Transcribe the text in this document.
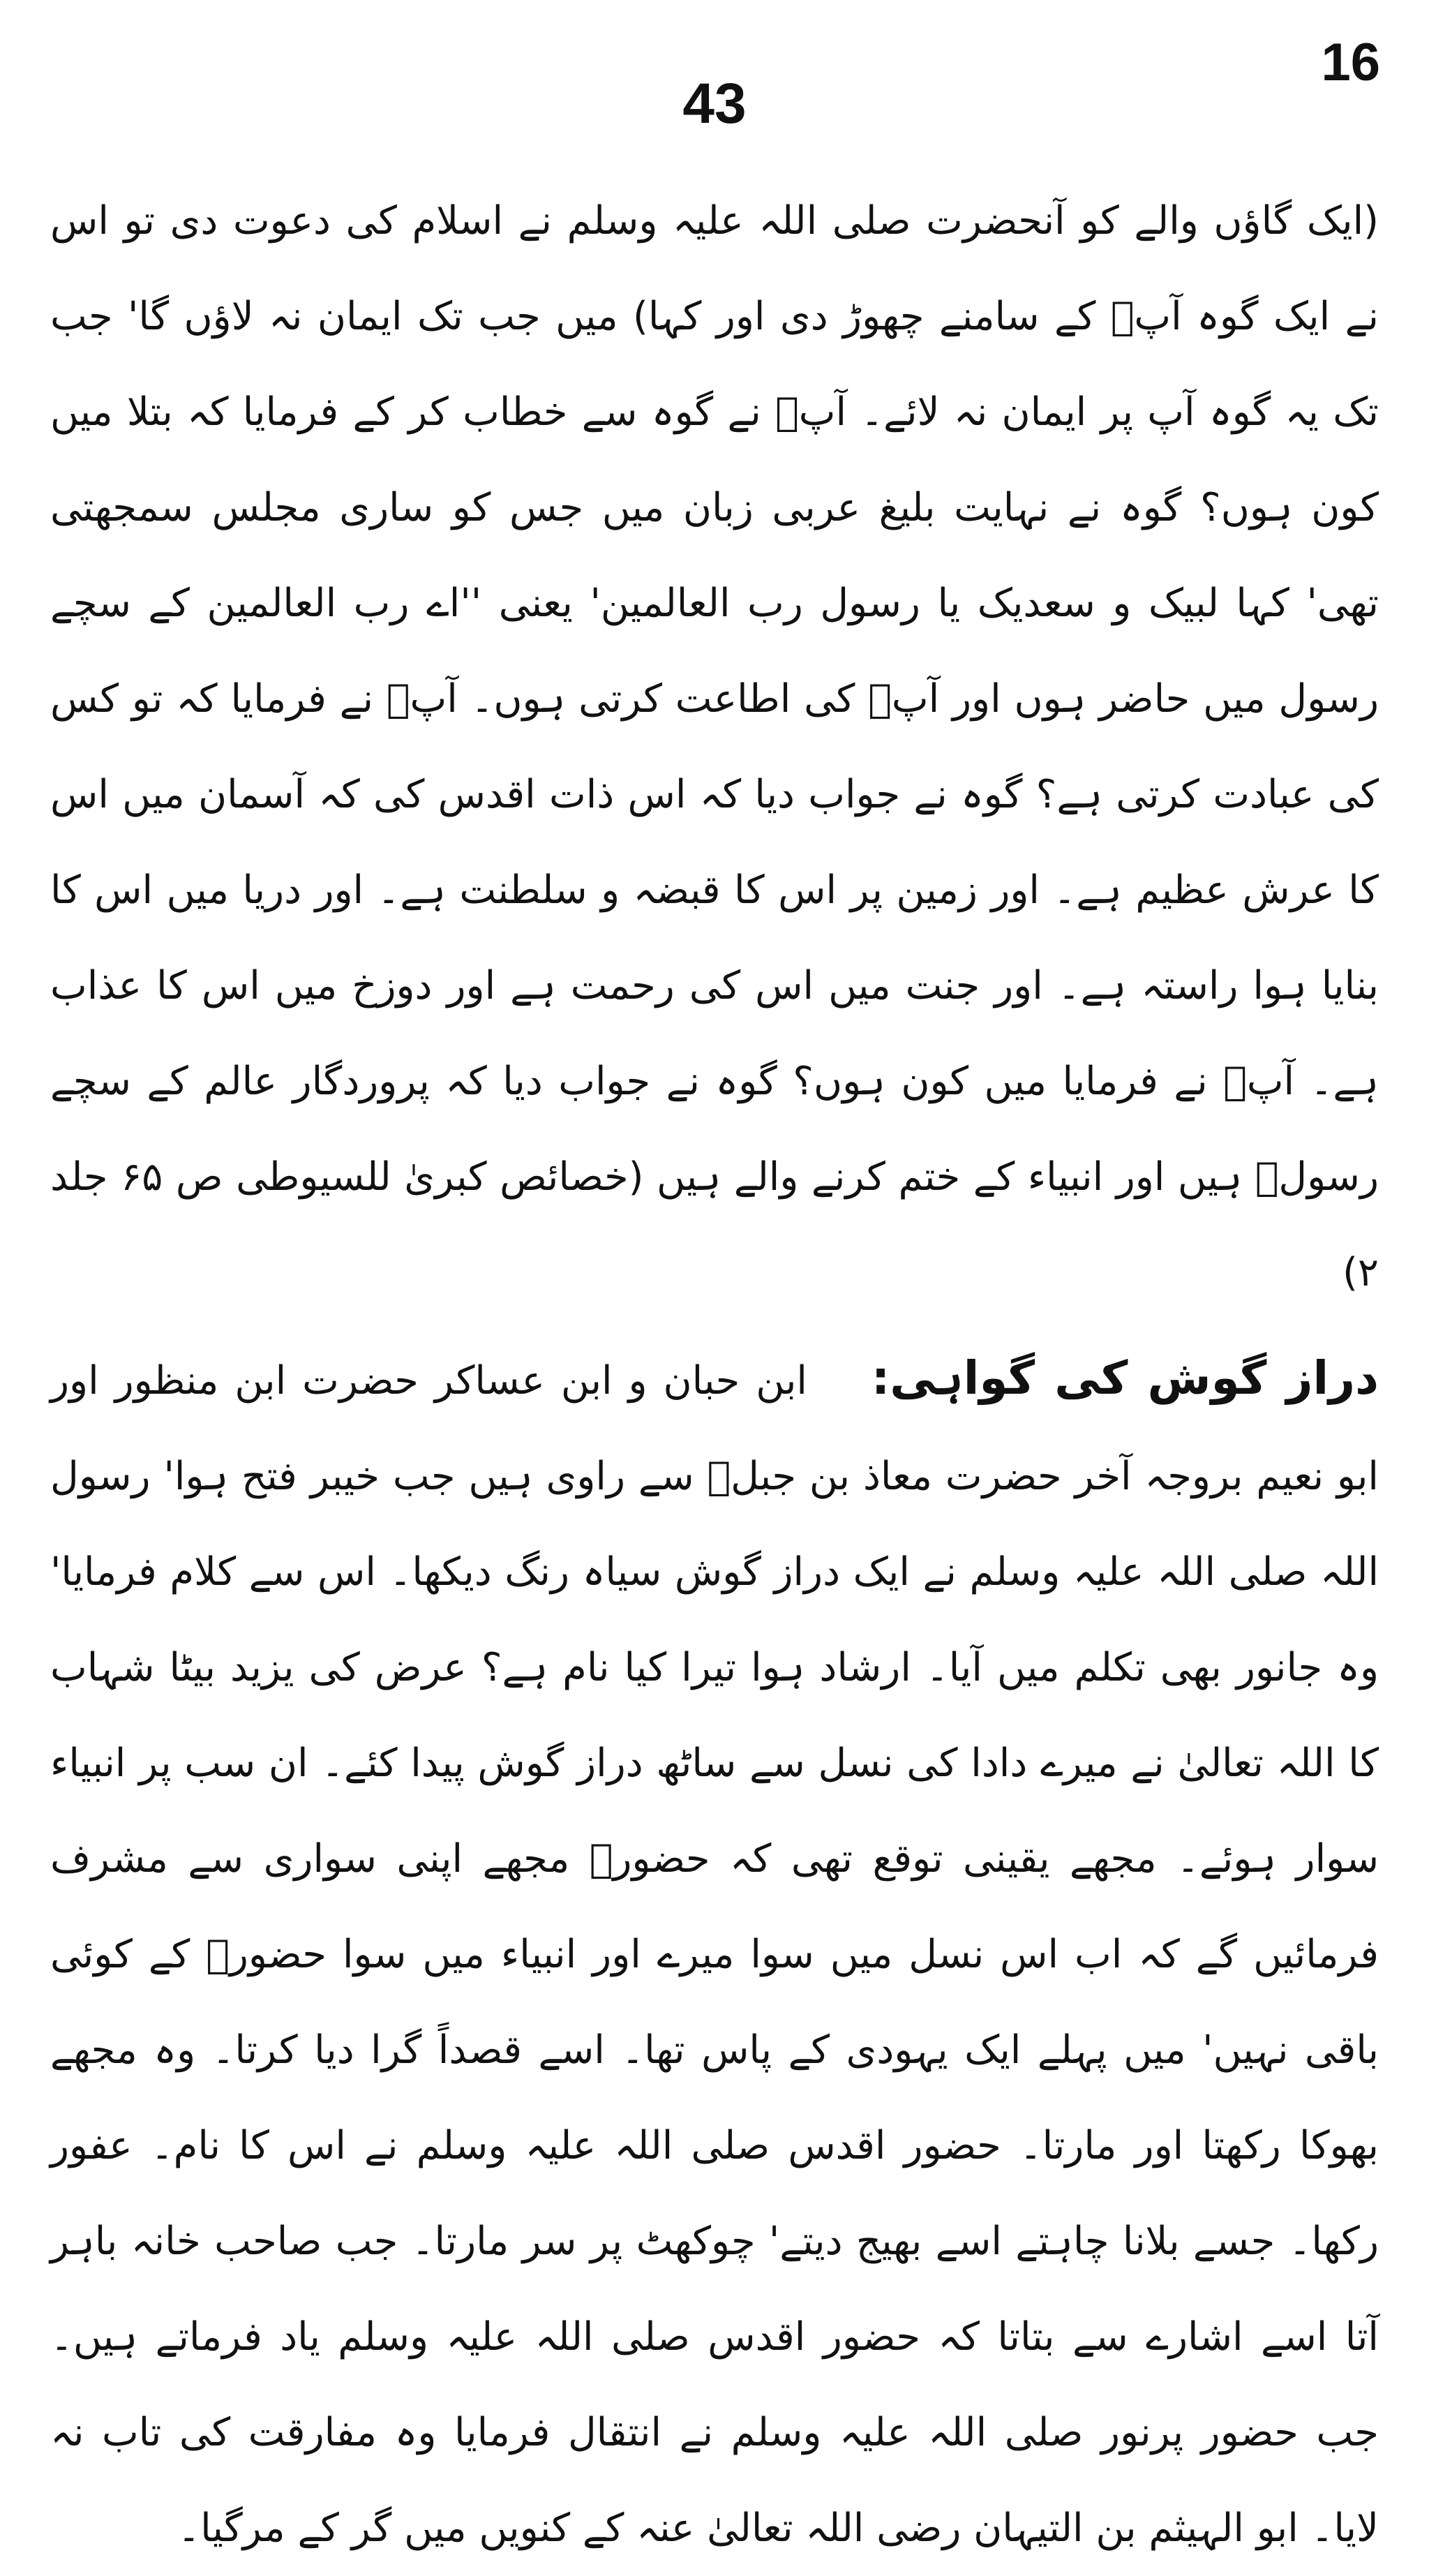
16
43

(ایک گاؤں والے کو آنحضرت صلی اللہ علیہ وسلم نے اسلام کی دعوت دی تو اس نے ایک گوہ آپؐ کے سامنے چھوڑ دی اور کہا) میں جب تک ایمان نہ لاؤں گا' جب تک یہ گوہ آپ پر ایمان نہ لائے۔ آپؐ نے گوہ سے خطاب کر کے فرمایا کہ بتلا میں کون ہوں؟ گوہ نے نہایت بلیغ عربی زبان میں جس کو ساری مجلس سمجھتی تھی' کہا لبیک و سعدیک یا رسول رب العالمین' یعنی ''اے رب العالمین کے سچے رسول میں حاضر ہوں اور آپؐ کی اطاعت کرتی ہوں۔ آپؐ نے فرمایا کہ تو کس کی عبادت کرتی ہے؟ گوہ نے جواب دیا کہ اس ذات اقدس کی کہ آسمان میں اس کا عرش عظیم ہے۔ اور زمین پر اس کا قبضہ و سلطنت ہے۔ اور دریا میں اس کا بنایا ہوا راستہ ہے۔ اور جنت میں اس کی رحمت ہے اور دوزخ میں اس کا عذاب ہے۔ آپؐ نے فرمایا میں کون ہوں؟ گوہ نے جواب دیا کہ پروردگار عالم کے سچے رسولؐ ہیں اور انبیاء کے ختم کرنے والے ہیں (خصائص کبریٰ للسیوطی ص ۶۵ جلد ۲)

دراز گوش کی گواہی:    ابن حبان و ابن عساکر حضرت ابن منظور اور ابو نعیم بروجہ آخر حضرت معاذ بن جبلؓ سے راوی ہیں جب خیبر فتح ہوا' رسول اللہ صلی اللہ علیہ وسلم نے ایک دراز گوش سیاہ رنگ دیکھا۔ اس سے کلام فرمایا' وہ جانور بھی تکلم میں آیا۔ ارشاد ہوا تیرا کیا نام ہے؟ عرض کی یزید بیٹا شہاب کا اللہ تعالیٰ نے میرے دادا کی نسل سے ساٹھ دراز گوش پیدا کئے۔ ان سب پر انبیاء سوار ہوئے۔ مجھے یقینی توقع تھی کہ حضورؐ مجھے اپنی سواری سے مشرف فرمائیں گے کہ اب اس نسل میں سوا میرے اور انبیاء میں سوا حضورؐ کے کوئی باقی نہیں' میں پہلے ایک یہودی کے پاس تھا۔ اسے قصداً گرا دیا کرتا۔ وہ مجھے بھوکا رکھتا اور مارتا۔ حضور اقدس صلی اللہ علیہ وسلم نے اس کا نام۔ عفور رکھا۔ جسے بلانا چاہتے اسے بھیج دیتے' چوکھٹ پر سر مارتا۔ جب صاحب خانہ باہر آتا اسے اشارے سے بتاتا کہ حضور اقدس صلی اللہ علیہ وسلم یاد فرماتے ہیں۔ جب حضور پرنور صلی اللہ علیہ وسلم نے انتقال فرمایا وہ مفارقت کی تاب نہ لایا۔ ابو الہیثم بن التیہان رضی اللہ تعالیٰ عنہ کے کنویں میں گر کے مرگیا۔
